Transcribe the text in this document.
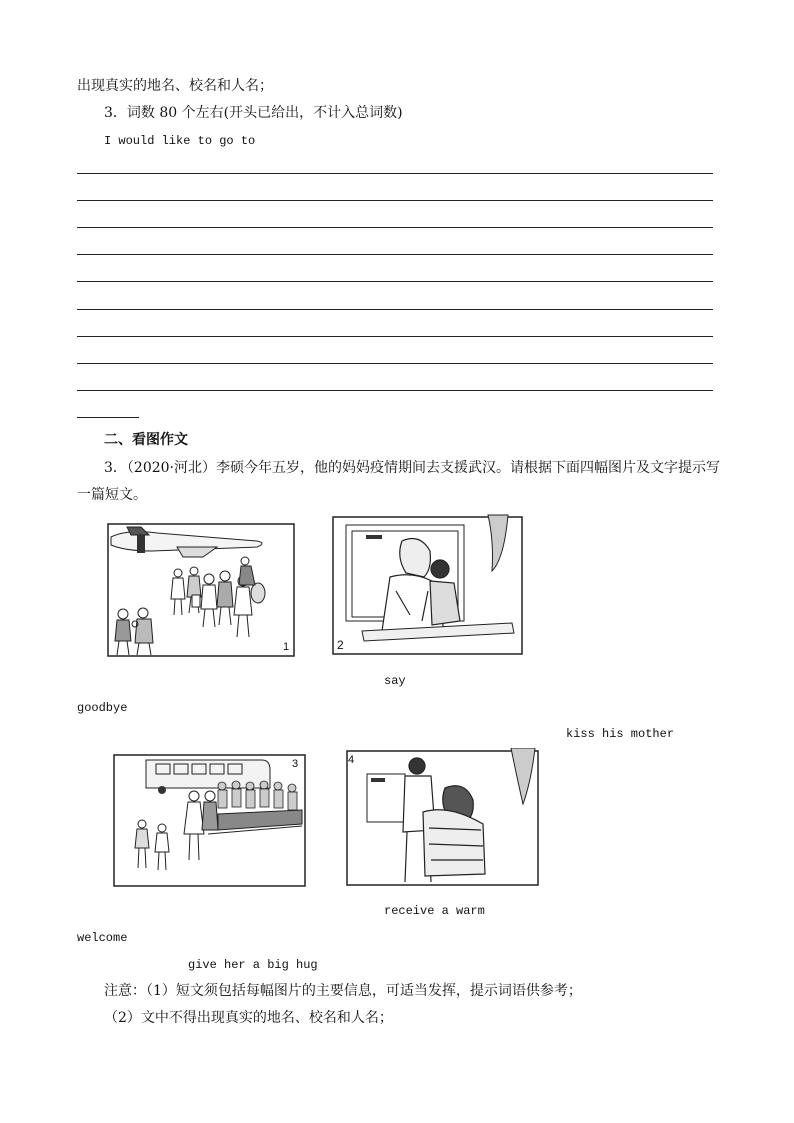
出现真实的地名、校名和人名；
3．词数 80 个左右(开头已给出，不计入总词数)
I would like to go to
二、看图作文
3．（2020·河北）李硕今年五岁，他的妈妈疫情期间去支援武汉。请根据下面四幅图片及文字提示写
一篇短文。
1	2
say
goodbye
kiss his mother
3	4
receive a warm
welcome
give her a big hug
注意：（1）短文须包括每幅图片的主要信息，可适当发挥，提示词语供参考；
（2）文中不得出现真实的地名、校名和人名；
